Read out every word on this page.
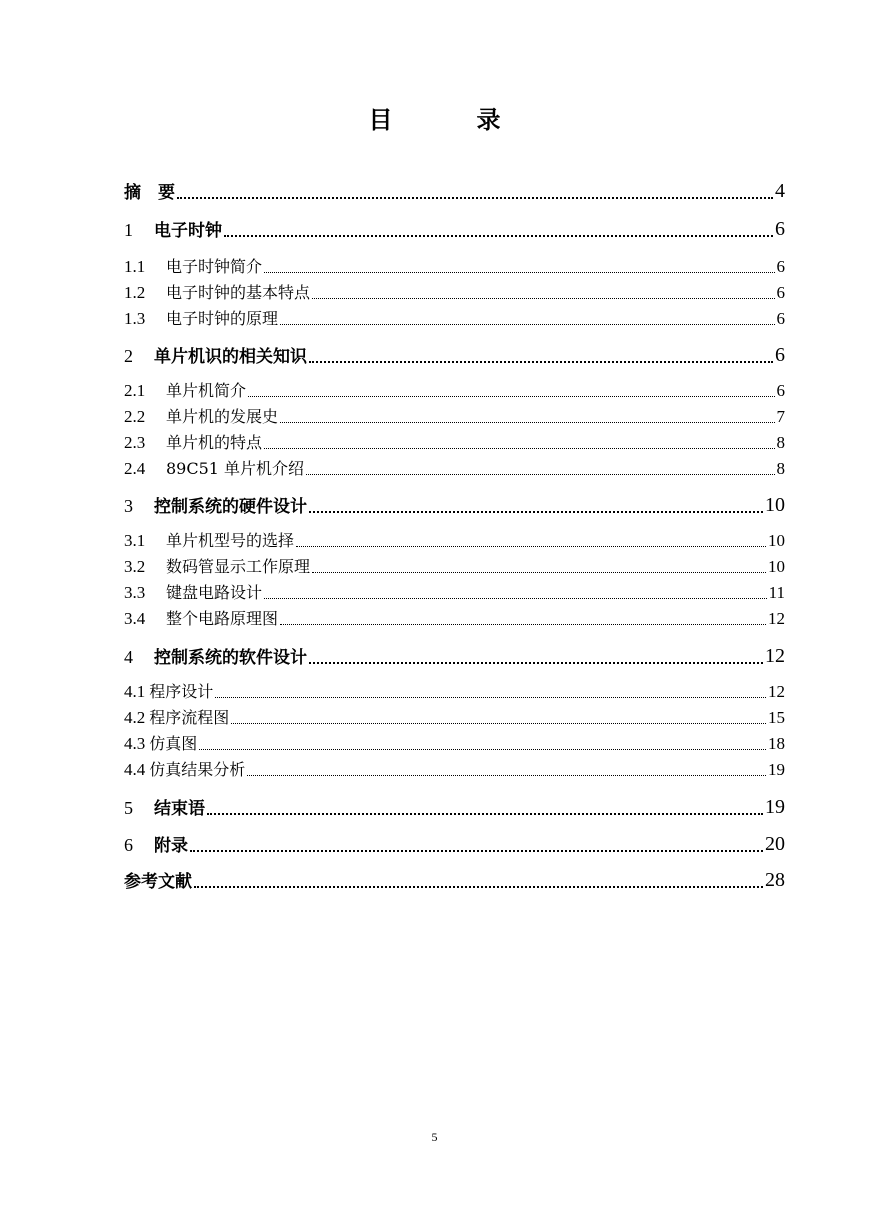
目　录
摘　要	4
1	电子时钟	6
1.1	电子时钟简介	6
1.2	电子时钟的基本特点	6
1.3	电子时钟的原理	6
2	单片机识的相关知识	6
2.1	单片机简介	6
2.2	单片机的发展史	7
2.3	单片机的特点	8
2.4	89C51 单片机介绍	8
3	控制系统的硬件设计	10
3.1	单片机型号的选择	10
3.2	数码管显示工作原理	10
3.3	键盘电路设计	11
3.4	整个电路原理图	12
4	控制系统的软件设计	12
4.1 程序设计	12
4.2 程序流程图	15
4.3 仿真图	18
4.4 仿真结果分析	19
5	结束语	19
6	附录	20
参考文献	28
5
